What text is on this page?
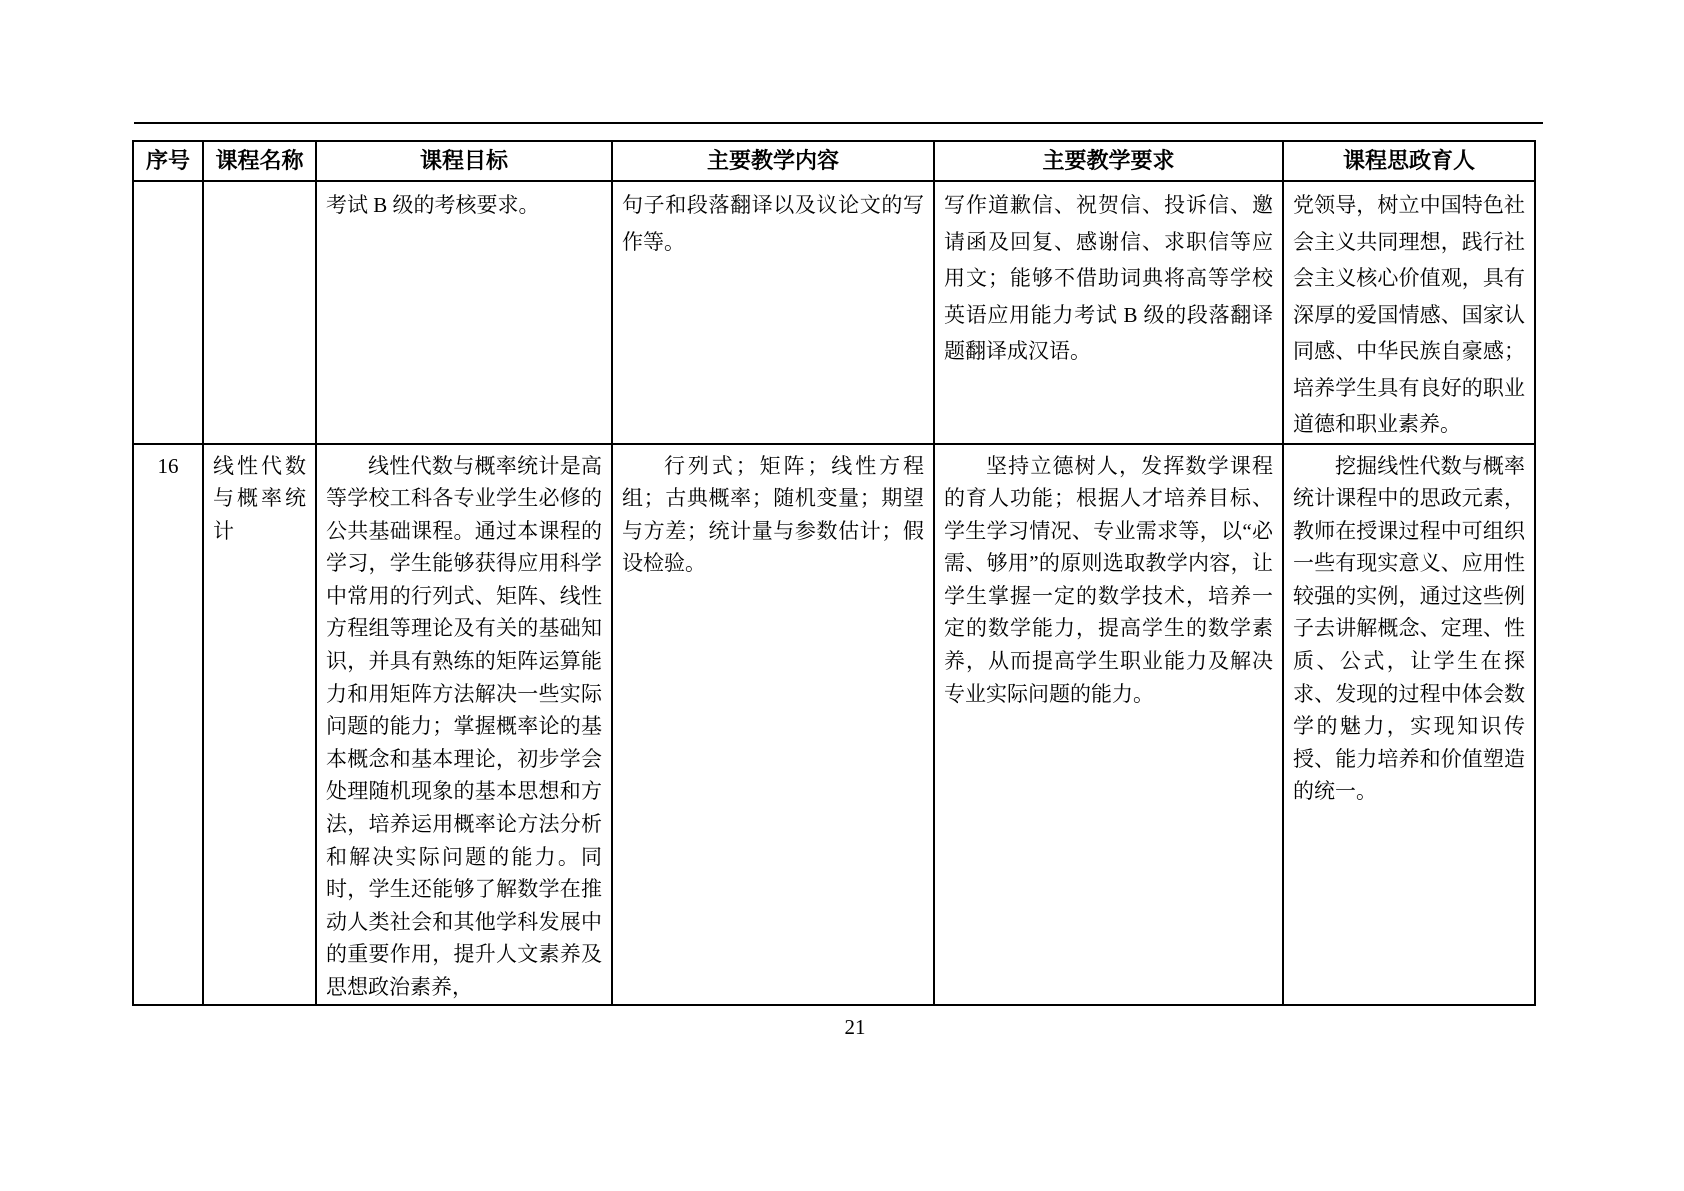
序号	课程名称	课程目标	主要教学内容	主要教学要求	课程思政育人
		考试 B 级的考核要求。	句子和段落翻译以及议论文的写作等。	写作道歉信、祝贺信、投诉信、邀请函及回复、感谢信、求职信等应用文；能够不借助词典将高等学校英语应用能力考试 B 级的段落翻译题翻译成汉语。	党领导，树立中国特色社会主义共同理想，践行社会主义核心价值观，具有深厚的爱国情感、国家认同感、中华民族自豪感；培养学生具有良好的职业道德和职业素养。
16	线性代数与概率统计	线性代数与概率统计是高等学校工科各专业学生必修的公共基础课程。通过本课程的学习，学生能够获得应用科学中常用的行列式、矩阵、线性方程组等理论及有关的基础知识，并具有熟练的矩阵运算能力和用矩阵方法解决一些实际问题的能力；掌握概率论的基本概念和基本理论，初步学会处理随机现象的基本思想和方法，培养运用概率论方法分析和解决实际问题的能力。同时，学生还能够了解数学在推动人类社会和其他学科发展中的重要作用，提升人文素养及思想政治素养，	行列式；矩阵；线性方程组；古典概率；随机变量；期望与方差；统计量与参数估计；假设检验。	坚持立德树人，发挥数学课程的育人功能；根据人才培养目标、学生学习情况、专业需求等，以“必需、够用”的原则选取教学内容，让学生掌握一定的数学技术，培养一定的数学能力，提高学生的数学素养，从而提高学生职业能力及解决专业实际问题的能力。	挖掘线性代数与概率统计课程中的思政元素，教师在授课过程中可组织一些有现实意义、应用性较强的实例，通过这些例子去讲解概念、定理、性质、公式，让学生在探求、发现的过程中体会数学的魅力，实现知识传授、能力培养和价值塑造的统一。
21
